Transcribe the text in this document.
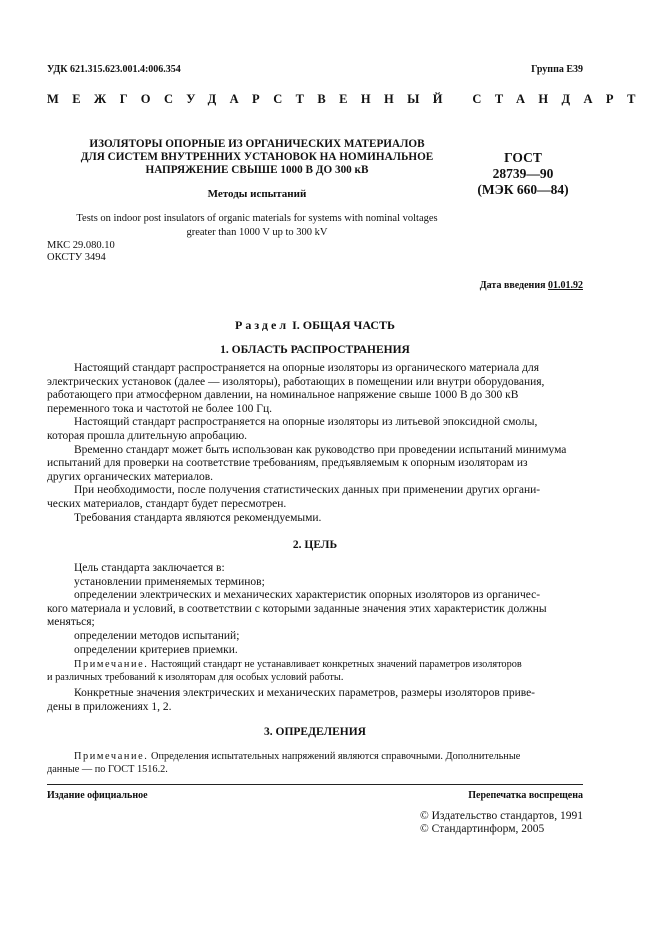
УДК 621.315.623.001.4:006.354	Группа Е39
МЕЖГОСУДАРСТВЕННЫЙ СТАНДАРТ
ИЗОЛЯТОРЫ ОПОРНЫЕ ИЗ ОРГАНИЧЕСКИХ МАТЕРИАЛОВ
ДЛЯ СИСТЕМ ВНУТРЕННИХ УСТАНОВОК НА НОМИНАЛЬНОЕ
НАПРЯЖЕНИЕ СВЫШЕ 1000 В ДО 300 кВ
ГОСТ
28739—90
(МЭК 660—84)
Методы испытаний
Tests on indoor post insulators of organic materials for systems with nominal voltages
greater than 1000 V up to 300 kV
МКС 29.080.10
ОКСТУ 3494
Дата введения 01.01.92
Раздел I. ОБЩАЯ ЧАСТЬ
1. ОБЛАСТЬ РАСПРОСТРАНЕНИЯ
Настоящий стандарт распространяется на опорные изоляторы из органического материала для
электрических установок (далее — изоляторы), работающих в помещении или внутри оборудования,
работающего при атмосферном давлении, на номинальное напряжение свыше 1000 В до 300 кВ
переменного тока и частотой не более 100 Гц.
Настоящий стандарт распространяется на опорные изоляторы из литьевой эпоксидной смолы,
которая прошла длительную апробацию.
Временно стандарт может быть использован как руководство при проведении испытаний минимума
испытаний для проверки на соответствие требованиям, предъявляемым к опорным изоляторам из
других органических материалов.
При необходимости, после получения статистических данных при применении других органи-
ческих материалов, стандарт будет пересмотрен.
Требования стандарта являются рекомендуемыми.
2. ЦЕЛЬ
Цель стандарта заключается в:
установлении применяемых терминов;
определении электрических и механических характеристик опорных изоляторов из органичес-
кого материала и условий, в соответствии с которыми заданные значения этих характеристик должны
меняться;
определении методов испытаний;
определении критериев приемки.
Примечание. Настоящий стандарт не устанавливает конкретных значений параметров изоляторов
и различных требований к изоляторам для особых условий работы.
Конкретные значения электрических и механических параметров, размеры изоляторов приве-
дены в приложениях 1, 2.
3. ОПРЕДЕЛЕНИЯ
Примечание. Определения испытательных напряжений являются справочными. Дополнительные
данные — по ГОСТ 1516.2.
Издание официальное	Перепечатка воспрещена
© Издательство стандартов, 1991
© Стандартинформ, 2005
